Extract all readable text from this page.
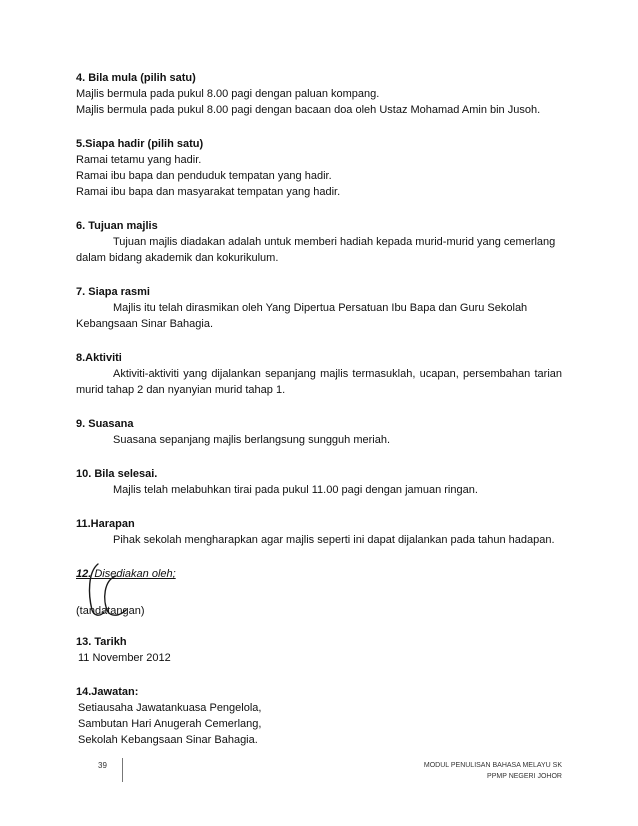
4. Bila mula (pilih satu)
Majlis bermula pada pukul 8.00 pagi dengan paluan kompang.
Majlis bermula pada pukul 8.00 pagi dengan bacaan doa oleh Ustaz Mohamad Amin bin Jusoh.
5.Siapa hadir (pilih satu)
Ramai tetamu yang hadir.
Ramai ibu bapa dan penduduk tempatan yang hadir.
Ramai ibu bapa dan masyarakat tempatan yang hadir.
6. Tujuan majlis
Tujuan majlis diadakan adalah untuk memberi hadiah kepada murid-murid yang cemerlang dalam bidang akademik dan kokurikulum.
7. Siapa rasmi
Majlis itu telah dirasmikan oleh Yang Dipertua Persatuan Ibu Bapa dan Guru Sekolah Kebangsaan Sinar Bahagia.
8.Aktiviti
Aktiviti-aktiviti yang dijalankan sepanjang majlis termasuklah, ucapan, persembahan tarian murid tahap 2 dan nyanyian murid tahap 1.
9. Suasana
Suasana sepanjang majlis berlangsung sungguh meriah.
10. Bila selesai.
Majlis telah melabuhkan tirai pada pukul 11.00 pagi dengan jamuan ringan.
11.Harapan
Pihak sekolah mengharapkan agar majlis seperti ini dapat dijalankan pada tahun hadapan.
12. Disediakan oleh;
(tandatangan)
13. Tarikh
11 November 2012
14.Jawatan:
Setiausaha Jawatankuasa Pengelola,
Sambutan Hari Anugerah Cemerlang,
Sekolah Kebangsaan Sinar Bahagia.
39	MODUL PENULISAN BAHASA MELAYU SK
PPMP NEGERI JOHOR
